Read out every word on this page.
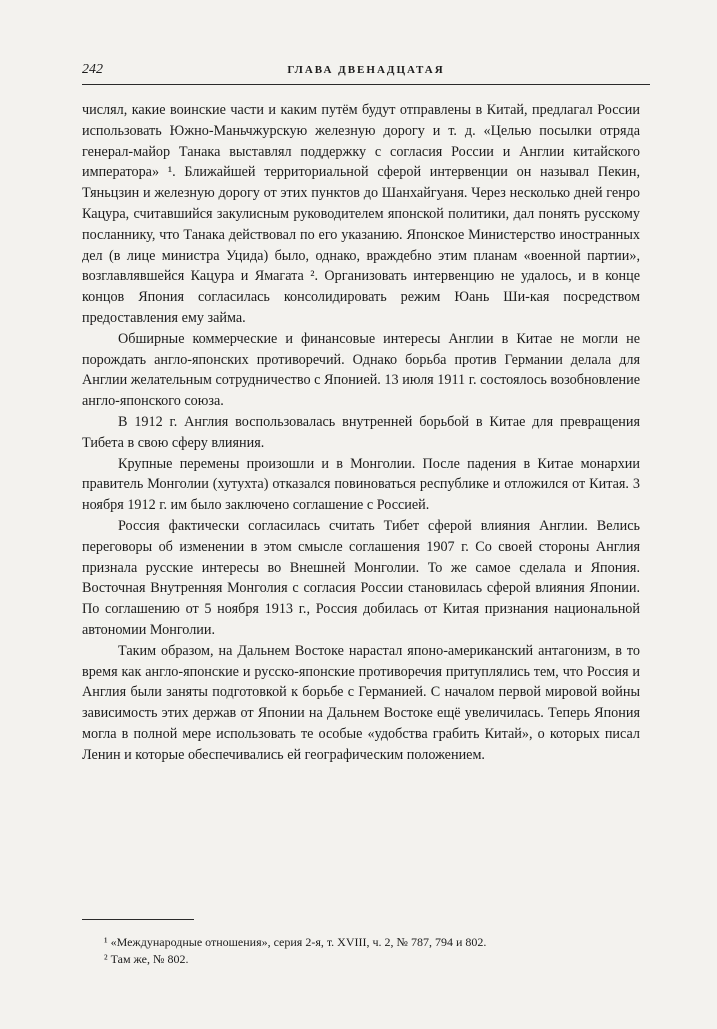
242	ГЛАВА ДВЕНАДЦАТАЯ

числял, какие воинские части и каким путём будут отправлены в Китай, предлагал России использовать Южно-Маньчжурскую железную дорогу и т. д. «Целью посылки отряда генерал-майор Танака выставлял поддержку с согласия России и Англии китайского императора» ¹. Ближайшей территориальной сферой интервенции он называл Пекин, Тяньцзин и железную дорогу от этих пунктов до Шанхайгуаня. Через несколько дней генро Кацура, считавшийся закулисным руководителем японской политики, дал понять русскому посланнику, что Танака действовал по его указанию. Японское Министерство иностранных дел (в лице министра Уцида) было, однако, враждебно этим планам «военной партии», возглавлявшейся Кацура и Ямагата ². Организовать интервенцию не удалось, и в конце концов Япония согласилась консолидировать режим Юань Ши-кая посредством предоставления ему займа.

Обширные коммерческие и финансовые интересы Англии в Китае не могли не порождать англо-японских противоречий. Однако борьба против Германии делала для Англии желательным сотрудничество с Японией. 13 июля 1911 г. состоялось возобновление англо-японского союза.

В 1912 г. Англия воспользовалась внутренней борьбой в Китае для превращения Тибета в свою сферу влияния.

Крупные перемены произошли и в Монголии. После падения в Китае монархии правитель Монголии (хутухта) отказался повиноваться республике и отложился от Китая. 3 ноября 1912 г. им было заключено соглашение с Россией.

Россия фактически согласилась считать Тибет сферой влияния Англии. Велись переговоры об изменении в этом смысле соглашения 1907 г. Со своей стороны Англия признала русские интересы во Внешней Монголии. То же самое сделала и Япония. Восточная Внутренняя Монголия с согласия России становилась сферой влияния Японии. По соглашению от 5 ноября 1913 г., Россия добилась от Китая признания национальной автономии Монголии.

Таким образом, на Дальнем Востоке нарастал японо-американский антагонизм, в то время как англо-японские и русско-японские противоречия притуплялись тем, что Россия и Англия были заняты подготовкой к борьбе с Германией. С началом первой мировой войны зависимость этих держав от Японии на Дальнем Востоке ещё увеличилась. Теперь Япония могла в полной мере использовать те особые «удобства грабить Китай», о которых писал Ленин и которые обеспечивались ей географическим положением.

¹ «Международные отношения», серия 2-я, т. XVIII, ч. 2, № 787, 794 и 802.

² Там же, № 802.
